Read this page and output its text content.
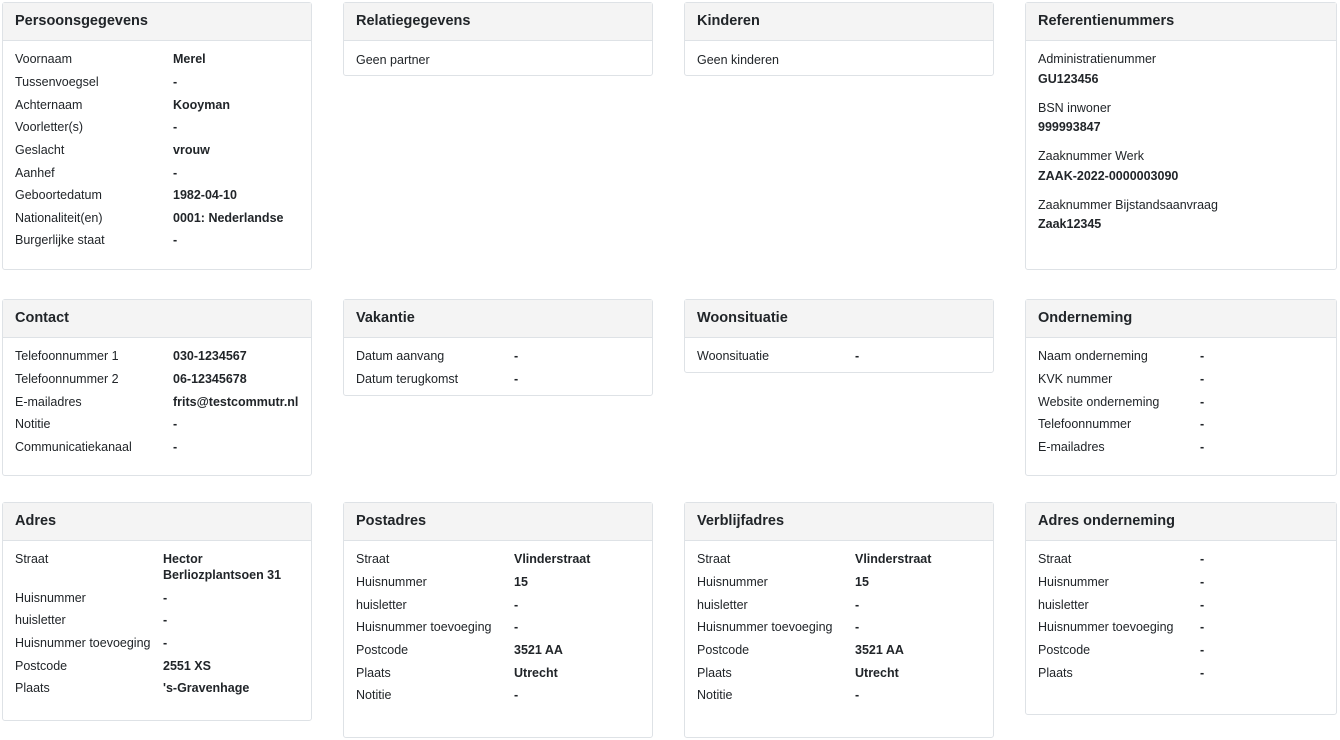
Persoonsgegevens
Voornaam	Merel
Tussenvoegsel	-
Achternaam	Kooyman
Voorletter(s)	-
Geslacht	vrouw
Aanhef	-
Geboortedatum	1982-04-10
Nationaliteit(en)	0001: Nederlandse
Burgerlijke staat	-
Relatiegegevens
Geen partner
Kinderen
Geen kinderen
Referentienummers
Administratienummer
GU123456
BSN inwoner
999993847
Zaaknummer Werk
ZAAK-2022-0000003090
Zaaknummer Bijstandsaanvraag
Zaak12345
Contact
Telefoonnummer 1	030-1234567
Telefoonnummer 2	06-12345678
E-mailadres	frits@testcommutr.nl
Notitie	-
Communicatiekanaal	-
Vakantie
Datum aanvang	-
Datum terugkomst	-
Woonsituatie
Woonsituatie	-
Onderneming
Naam onderneming	-
KVK nummer	-
Website onderneming	-
Telefoonnummer	-
E-mailadres	-
Adres
Straat	Hector Berliozplantsoen 31
Huisnummer	-
huisletter	-
Huisnummer toevoeging	-
Postcode	2551 XS
Plaats	's-Gravenhage
Postadres
Straat	Vlinderstraat
Huisnummer	15
huisletter	-
Huisnummer toevoeging	-
Postcode	3521 AA
Plaats	Utrecht
Notitie	-
Verblijfadres
Straat	Vlinderstraat
Huisnummer	15
huisletter	-
Huisnummer toevoeging	-
Postcode	3521 AA
Plaats	Utrecht
Notitie	-
Adres onderneming
Straat	-
Huisnummer	-
huisletter	-
Huisnummer toevoeging	-
Postcode	-
Plaats	-
